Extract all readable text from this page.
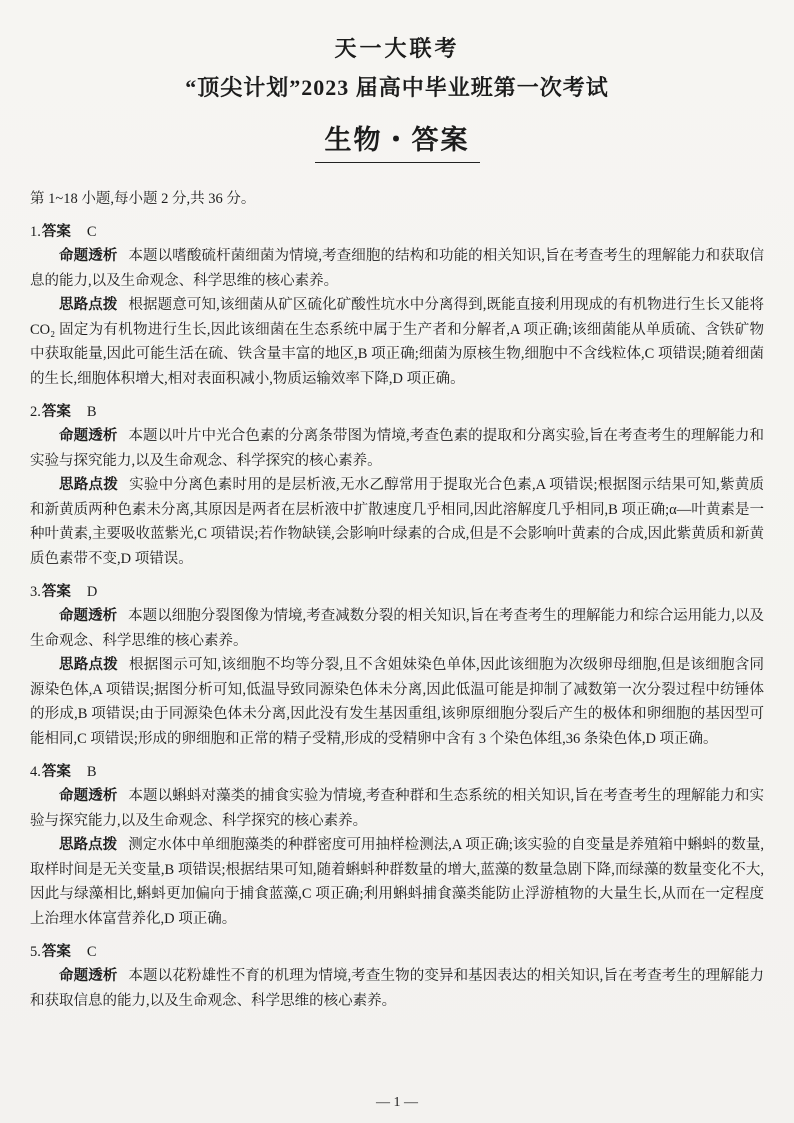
天一大联考
“顶尖计划”2023 届高中毕业班第一次考试
生物・答案

第 1~18 小题,每小题 2 分,共 36 分。

1.答案 C

命题透析 本题以嗜酸硫杆菌细菌为情境,考查细胞的结构和功能的相关知识,旨在考查考生的理解能力和获取信息的能力,以及生命观念、科学思维的核心素养。

思路点拨 根据题意可知,该细菌从矿区硫化矿酸性坑水中分离得到,既能直接利用现成的有机物进行生长又能将 CO₂ 固定为有机物进行生长,因此该细菌在生态系统中属于生产者和分解者,A 项正确;该细菌能从单质硫、含铁矿物中获取能量,因此可能生活在硫、铁含量丰富的地区,B 项正确;细菌为原核生物,细胞中不含线粒体,C 项错误;随着细菌的生长,细胞体积增大,相对表面积减小,物质运输效率下降,D 项正确。

2.答案 B

命题透析 本题以叶片中光合色素的分离条带图为情境,考查色素的提取和分离实验,旨在考查考生的理解能力和实验与探究能力,以及生命观念、科学探究的核心素养。

思路点拨 实验中分离色素时用的是层析液,无水乙醇常用于提取光合色素,A 项错误;根据图示结果可知,紫黄质和新黄质两种色素未分离,其原因是两者在层析液中扩散速度几乎相同,因此溶解度几乎相同,B 项正确;α—叶黄素是一种叶黄素,主要吸收蓝紫光,C 项错误;若作物缺镁,会影响叶绿素的合成,但是不会影响叶黄素的合成,因此紫黄质和新黄质色素带不变,D 项错误。

3.答案 D

命题透析 本题以细胞分裂图像为情境,考查减数分裂的相关知识,旨在考查考生的理解能力和综合运用能力,以及生命观念、科学思维的核心素养。

思路点拨 根据图示可知,该细胞不均等分裂,且不含姐妹染色单体,因此该细胞为次级卵母细胞,但是该细胞含同源染色体,A 项错误;据图分析可知,低温导致同源染色体未分离,因此低温可能是抑制了减数第一次分裂过程中纺锤体的形成,B 项错误;由于同源染色体未分离,因此没有发生基因重组,该卵原细胞分裂后产生的极体和卵细胞的基因型可能相同,C 项错误;形成的卵细胞和正常的精子受精,形成的受精卵中含有 3 个染色体组,36 条染色体,D 项正确。

4.答案 B

命题透析 本题以蝌蚪对藻类的捕食实验为情境,考查种群和生态系统的相关知识,旨在考查考生的理解能力和实验与探究能力,以及生命观念、科学探究的核心素养。

思路点拨 测定水体中单细胞藻类的种群密度可用抽样检测法,A 项正确;该实验的自变量是养殖箱中蝌蚪的数量,取样时间是无关变量,B 项错误;根据结果可知,随着蝌蚪种群数量的增大,蓝藻的数量急剧下降,而绿藻的数量变化不大,因此与绿藻相比,蝌蚪更加偏向于捕食蓝藻,C 项正确;利用蝌蚪捕食藻类能防止浮游植物的大量生长,从而在一定程度上治理水体富营养化,D 项正确。

5.答案 C

命题透析 本题以花粉雄性不育的机理为情境,考查生物的变异和基因表达的相关知识,旨在考查考生的理解能力和获取信息的能力,以及生命观念、科学思维的核心素养。

— 1 —
